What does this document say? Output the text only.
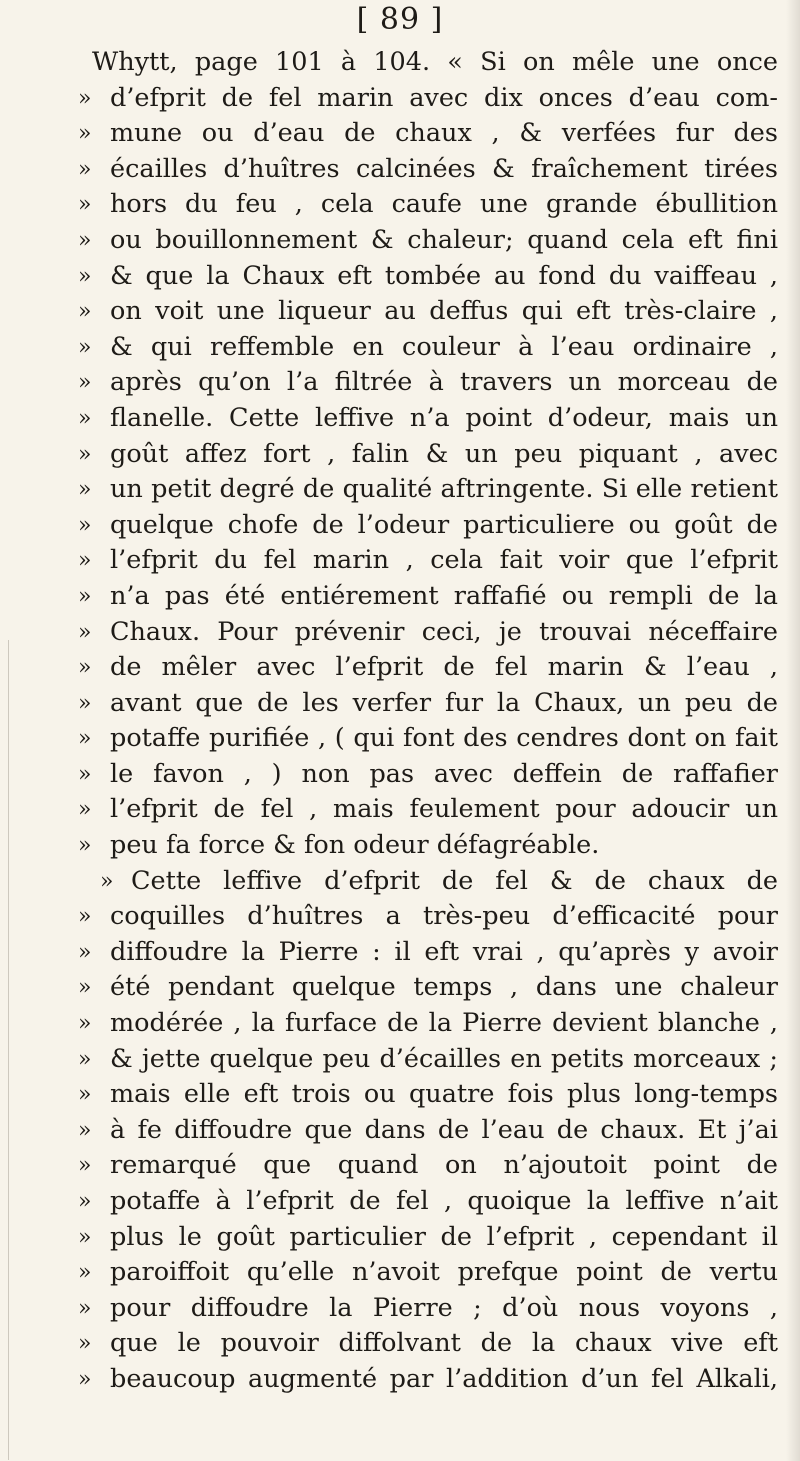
[ 89 ]
Whytt, page 101 à 104. « Si on mêle une once
» d’efprit de fel marin avec dix onces d’eau com-
» mune ou d’eau de chaux , & verfées fur des
» écailles d’huîtres calcinées & fraîchement tirées
» hors du feu , cela caufe une grande ébullition
» ou bouillonnement & chaleur; quand cela eft fini
» & que la Chaux eft tombée au fond du vaiffeau ,
» on voit une liqueur au deffus qui eft très-claire ,
» & qui reffemble en couleur à l’eau ordinaire ,
» après qu’on l’a filtrée à travers un morceau de
» flanelle. Cette leffive n’a point d’odeur, mais un
» goût affez fort , falin & un peu piquant , avec
» un petit degré de qualité aftringente. Si elle retient
» quelque chofe de l’odeur particuliere ou goût de
» l’efprit du fel marin , cela fait voir que l’efprit
» n’a pas été entiérement raffafié ou rempli de la
» Chaux. Pour prévenir ceci, je trouvai néceffaire
» de mêler avec l’efprit de fel marin & l’eau ,
» avant que de les verfer fur la Chaux, un peu de
» potaffe purifiée , ( qui font des cendres dont on fait
» le favon , ) non pas avec deffein de raffafier
» l’efprit de fel , mais feulement pour adoucir un
» peu fa force & fon odeur défagréable.
» Cette leffive d’efprit de fel & de chaux de
» coquilles d’huîtres a très-peu d’efficacité pour
» diffoudre la Pierre : il eft vrai , qu’après y avoir
» été pendant quelque temps , dans une chaleur
» modérée , la furface de la Pierre devient blanche ,
» & jette quelque peu d’écailles en petits morceaux ;
» mais elle eft trois ou quatre fois plus long-temps
» à fe diffoudre que dans de l’eau de chaux. Et j’ai
» remarqué que quand on n’ajoutoit point de
» potaffe à l’efprit de fel , quoique la leffive n’ait
» plus le goût particulier de l’efprit , cependant il
» paroiffoit qu’elle n’avoit prefque point de vertu
» pour diffoudre la Pierre ; d’où nous voyons ,
» que le pouvoir diffolvant de la chaux vive eft
» beaucoup augmenté par l’addition d’un fel Alkali,
